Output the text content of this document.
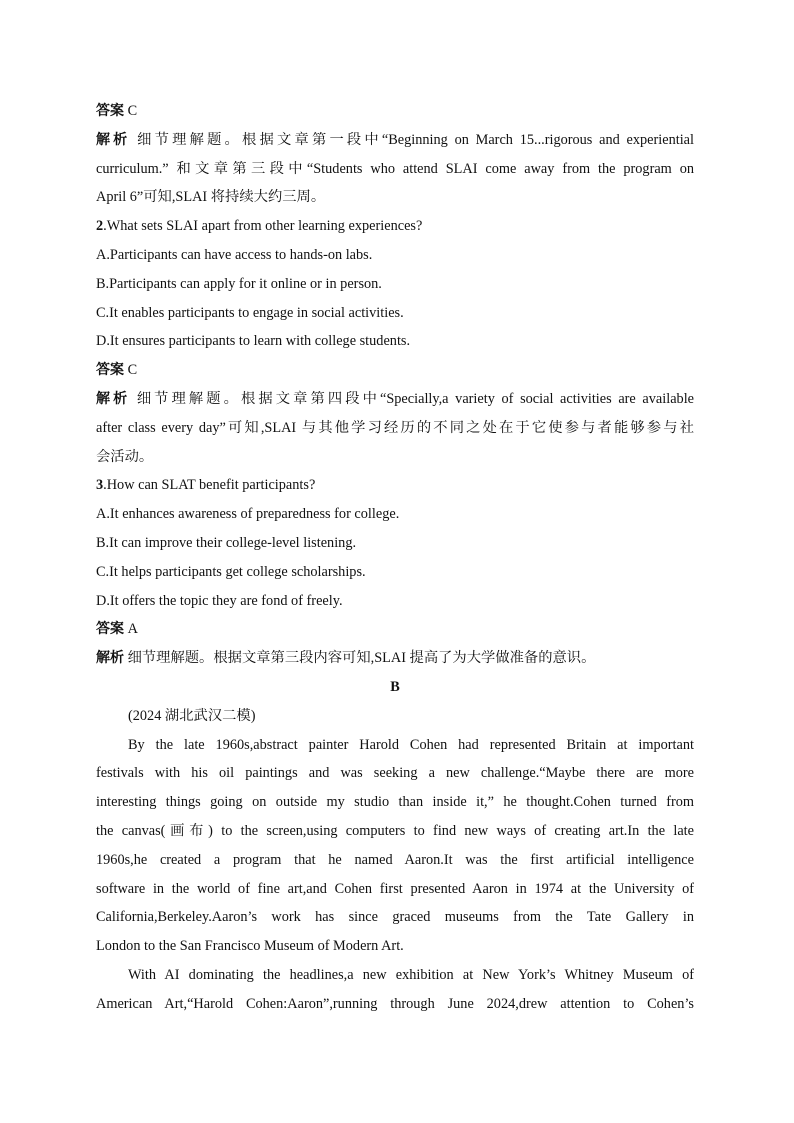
答案 C
解析 细节理解题。根据文章第一段中“Beginning on March 15...rigorous and experiential
curriculum.” 和文章第三段中“Students who attend SLAI come away from the program on
April 6”可知,SLAI 将持续大约三周。
2.What sets SLAI apart from other learning experiences?
A.Participants can have access to hands-on labs.
B.Participants can apply for it online or in person.
C.It enables participants to engage in social activities.
D.It ensures participants to learn with college students.
答案 C
解析 细节理解题。根据文章第四段中“Specially,a variety of social activities are available
after class every day”可知,SLAI 与其他学习经历的不同之处在于它使参与者能够参与社
会活动。
3.How can SLAT benefit participants?
A.It enhances awareness of preparedness for college.
B.It can improve their college-level listening.
C.It helps participants get college scholarships.
D.It offers the topic they are fond of freely.
答案 A
解析 细节理解题。根据文章第三段内容可知,SLAI 提高了为大学做准备的意识。
B
(2024 湖北武汉二模)
By the late 1960s,abstract painter Harold Cohen had represented Britain at important
festivals with his oil paintings and was seeking a new challenge.“Maybe there are more
interesting things going on outside my studio than inside it,” he thought.Cohen turned from
the canvas(画布) to the screen,using computers to find new ways of creating art.In the late
1960s,he created a program that he named Aaron.It was the first artificial intelligence
software in the world of fine art,and Cohen first presented Aaron in 1974 at the University of
California,Berkeley.Aaron’s work has since graced museums from the Tate Gallery in
London to the San Francisco Museum of Modern Art.
With AI dominating the headlines,a new exhibition at New York’s Whitney Museum of
American Art,“Harold Cohen:Aaron”,running through June 2024,drew attention to Cohen’s
